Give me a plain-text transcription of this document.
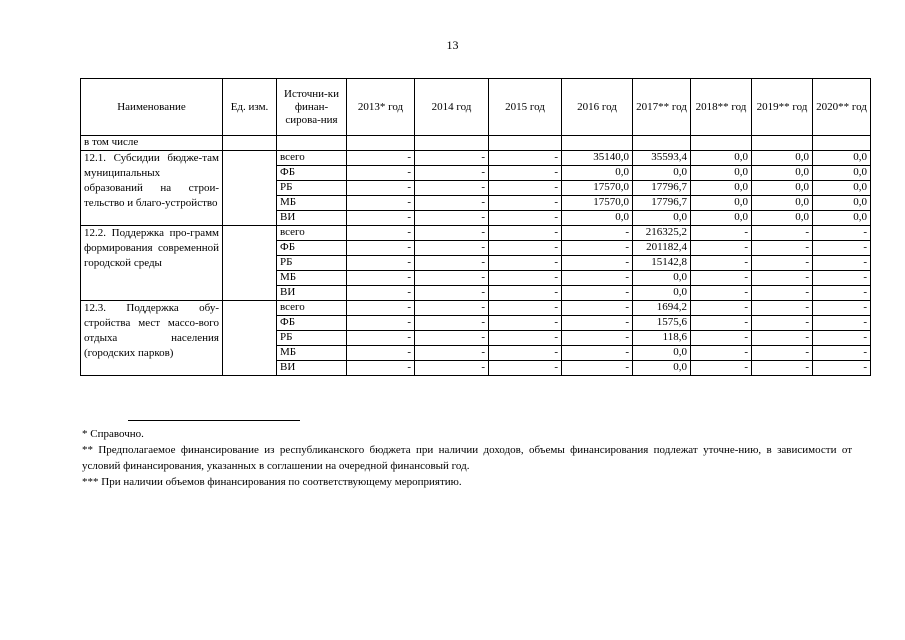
13
Наименование	Ед. изм.	Источни-ки финан-сирова-ния	2013* год	2014 год	2015 год	2016 год	2017** год	2018** год	2019** год	2020** год
в том числе										
12.1. Субсидии бюдже-там муниципальных образований на строи-тельство и благо-устройство		всего	-	-	-	35140,0	35593,4	0,0	0,0	0,0
		ФБ	-	-	-	0,0	0,0	0,0	0,0	0,0
		РБ	-	-	-	17570,0	17796,7	0,0	0,0	0,0
		МБ	-	-	-	17570,0	17796,7	0,0	0,0	0,0
		ВИ	-	-	-	0,0	0,0	0,0	0,0	0,0
12.2. Поддержка про-грамм формирования современной городской среды		всего	-	-	-	-	216325,2	-	-	-
		ФБ	-	-	-	-	201182,4	-	-	-
		РБ	-	-	-	-	15142,8	-	-	-
		МБ	-	-	-	-	0,0	-	-	-
		ВИ	-	-	-	-	0,0	-	-	-
12.3. Поддержка обу-стройства мест массо-вого отдыха населения (городских парков)		всего	-	-	-	-	1694,2	-	-	-
		ФБ	-	-	-	-	1575,6	-	-	-
		РБ	-	-	-	-	118,6	-	-	-
		МБ	-	-	-	-	0,0	-	-	-
		ВИ	-	-	-	-	0,0	-	-	-

* Справочно.

** Предполагаемое финансирование из республиканского бюджета при наличии доходов, объемы финансирования подлежат уточне-нию, в зависимости от условий финансирования, указанных в соглашении на очередной финансовый год.

*** При наличии объемов финансирования по соответствующему мероприятию.
